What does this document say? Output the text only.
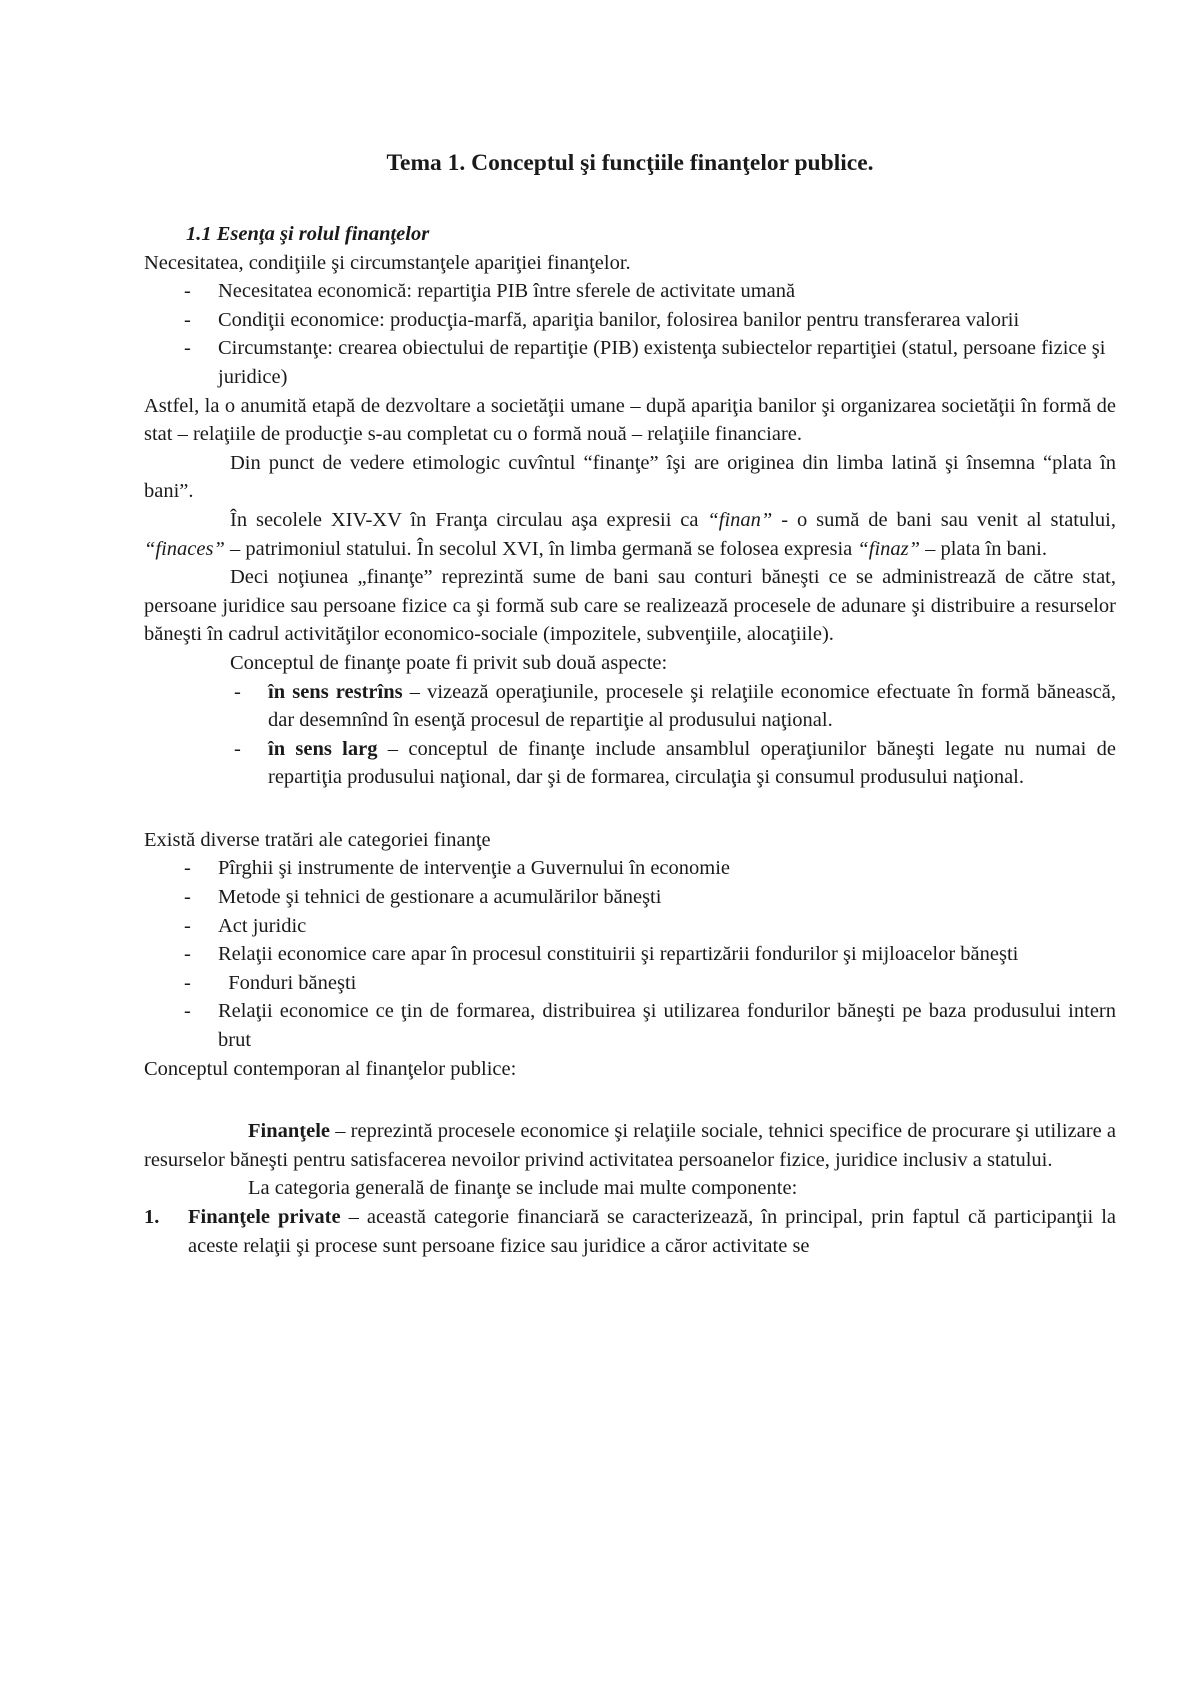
Tema 1. Conceptul şi funcţiile finanţelor publice.

1.1 Esenţa şi rolul finanţelor

Necesitatea, condiţiile şi circumstanţele apariţiei finanţelor.

- Necesitatea economică: repartiţia PIB între sferele de activitate umană
- Condiţii economice: producţia-marfă, apariţia banilor, folosirea banilor pentru transferarea valorii
- Circumstanţe: crearea obiectului de repartiţie (PIB) existenţa subiectelor repartiţiei (statul, persoane fizice şi juridice)

Astfel, la o anumită etapă de dezvoltare a societăţii umane – după apariţia banilor şi organizarea societăţii în formă de stat – relaţiile de producţie s-au completat cu o formă nouă – relaţiile financiare.

Din punct de vedere etimologic cuvîntul “finanţe” îşi are originea din limba latină şi însemna “plata în bani”.

În secolele XIV-XV în Franţa circulau aşa expresii ca “finan” - o sumă de bani sau venit al statului, “finaces” – patrimoniul statului. În secolul XVI, în limba germană se folosea expresia “finaz” – plata în bani.

Deci noţiunea „finanţe” reprezintă sume de bani sau conturi băneşti ce se administrează de către stat, persoane juridice sau persoane fizice ca şi formă sub care se realizează procesele de adunare şi distribuire a resurselor băneşti în cadrul activităţilor economico-sociale (impozitele, subvenţiile, alocaţiile).

Conceptul de finanţe poate fi privit sub două aspecte:

- în sens restrîns – vizează operaţiunile, procesele şi relaţiile economice efectuate în formă bănească, dar desemnînd în esenţă procesul de repartiţie al produsului naţional.
- în sens larg – conceptul de finanţe include ansamblul operaţiunilor băneşti legate nu numai de repartiţia produsului naţional, dar şi de formarea, circulaţia şi consumul produsului naţional.

Există diverse tratări ale categoriei finanţe

- Pîrghii şi instrumente de intervenţie a Guvernului în economie
- Metode şi tehnici de gestionare a acumulărilor băneşti
- Act juridic
- Relaţii economice care apar în procesul constituirii şi repartizării fondurilor şi mijloacelor băneşti
-   Fonduri băneşti
- Relaţii economice ce ţin de formarea, distribuirea şi utilizarea fondurilor băneşti pe baza produsului intern brut

Conceptul contemporan al finanţelor publice:

Finanţele – reprezintă procesele economice şi relaţiile sociale, tehnici specifice de procurare şi utilizare a resurselor băneşti pentru satisfacerea nevoilor privind activitatea persoanelor fizice, juridice inclusiv a statului.

La categoria generală de finanţe se include mai multe componente:

1. Finanţele private – această categorie financiară se caracterizează, în principal, prin faptul că participanţii la aceste relaţii şi procese sunt persoane fizice sau juridice a căror activitate se
